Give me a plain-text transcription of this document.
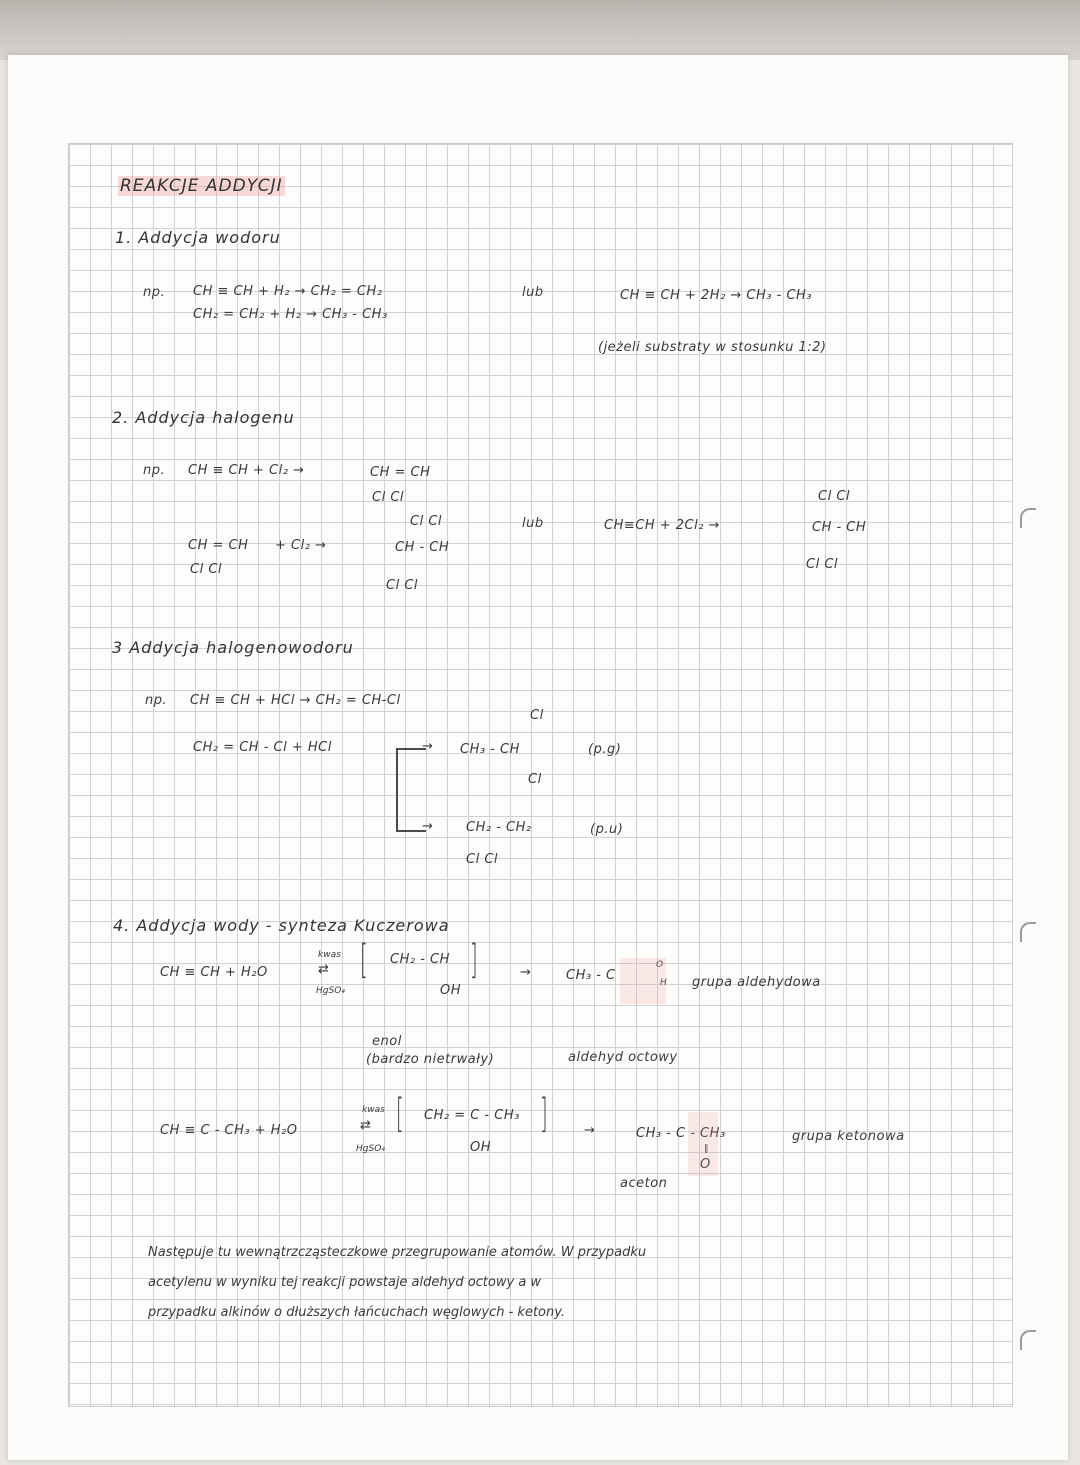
REAKCJE ADDYCJI
1. Addycja wodoru
np. CH ≡ CH + H₂ → CH₂ = CH₂
CH₂ = CH₂ + H₂ → CH₃ - CH₃
lub	CH ≡ CH + 2H₂ → CH₃ - CH₃
(jeżeli substraty w stosunku 1:2)
2. Addycja halogenu
np. CH ≡ CH + Cl₂ →	CH = CH
Cl Cl
CH = CH
Cl Cl
+ Cl₂ →
Cl Cl
CH - CH
Cl Cl
lub	CH≡CH + 2Cl₂ →
Cl Cl
CH - CH
Cl Cl
3 Addycja halogenowodoru
np. CH ≡ CH + HCl → CH₂ = CH-Cl
CH₂ = CH - Cl + HCl	→
→
Cl
CH₃ - CH
Cl
(p.g)
CH₂ - CH₂
Cl Cl
(p.u)
4. Addycja wody - synteza Kuczerowa
CH ≡ CH + H₂O
kwas
⇄
HgSO₄
[ CH₂ - CH
OH
]
enol
(bardzo nietrwały)
→	CH₃ - C
O
H grupa aldehydowa
aldehyd octowy
CH ≡ C - CH₃ + H₂O
kwas
⇄
HgSO₄
[ CH₂ = C - CH₃
OH
]	→	CH₃ - C - CH₃
‖
O
grupa ketonowa
aceton
Następuje tu wewnątrzcząsteczkowe przegrupowanie atomów. W przypadku
acetylenu w wyniku tej reakcji powstaje aldehyd octowy a w
przypadku alkinów o dłuższych łańcuchach węglowych - ketony.
